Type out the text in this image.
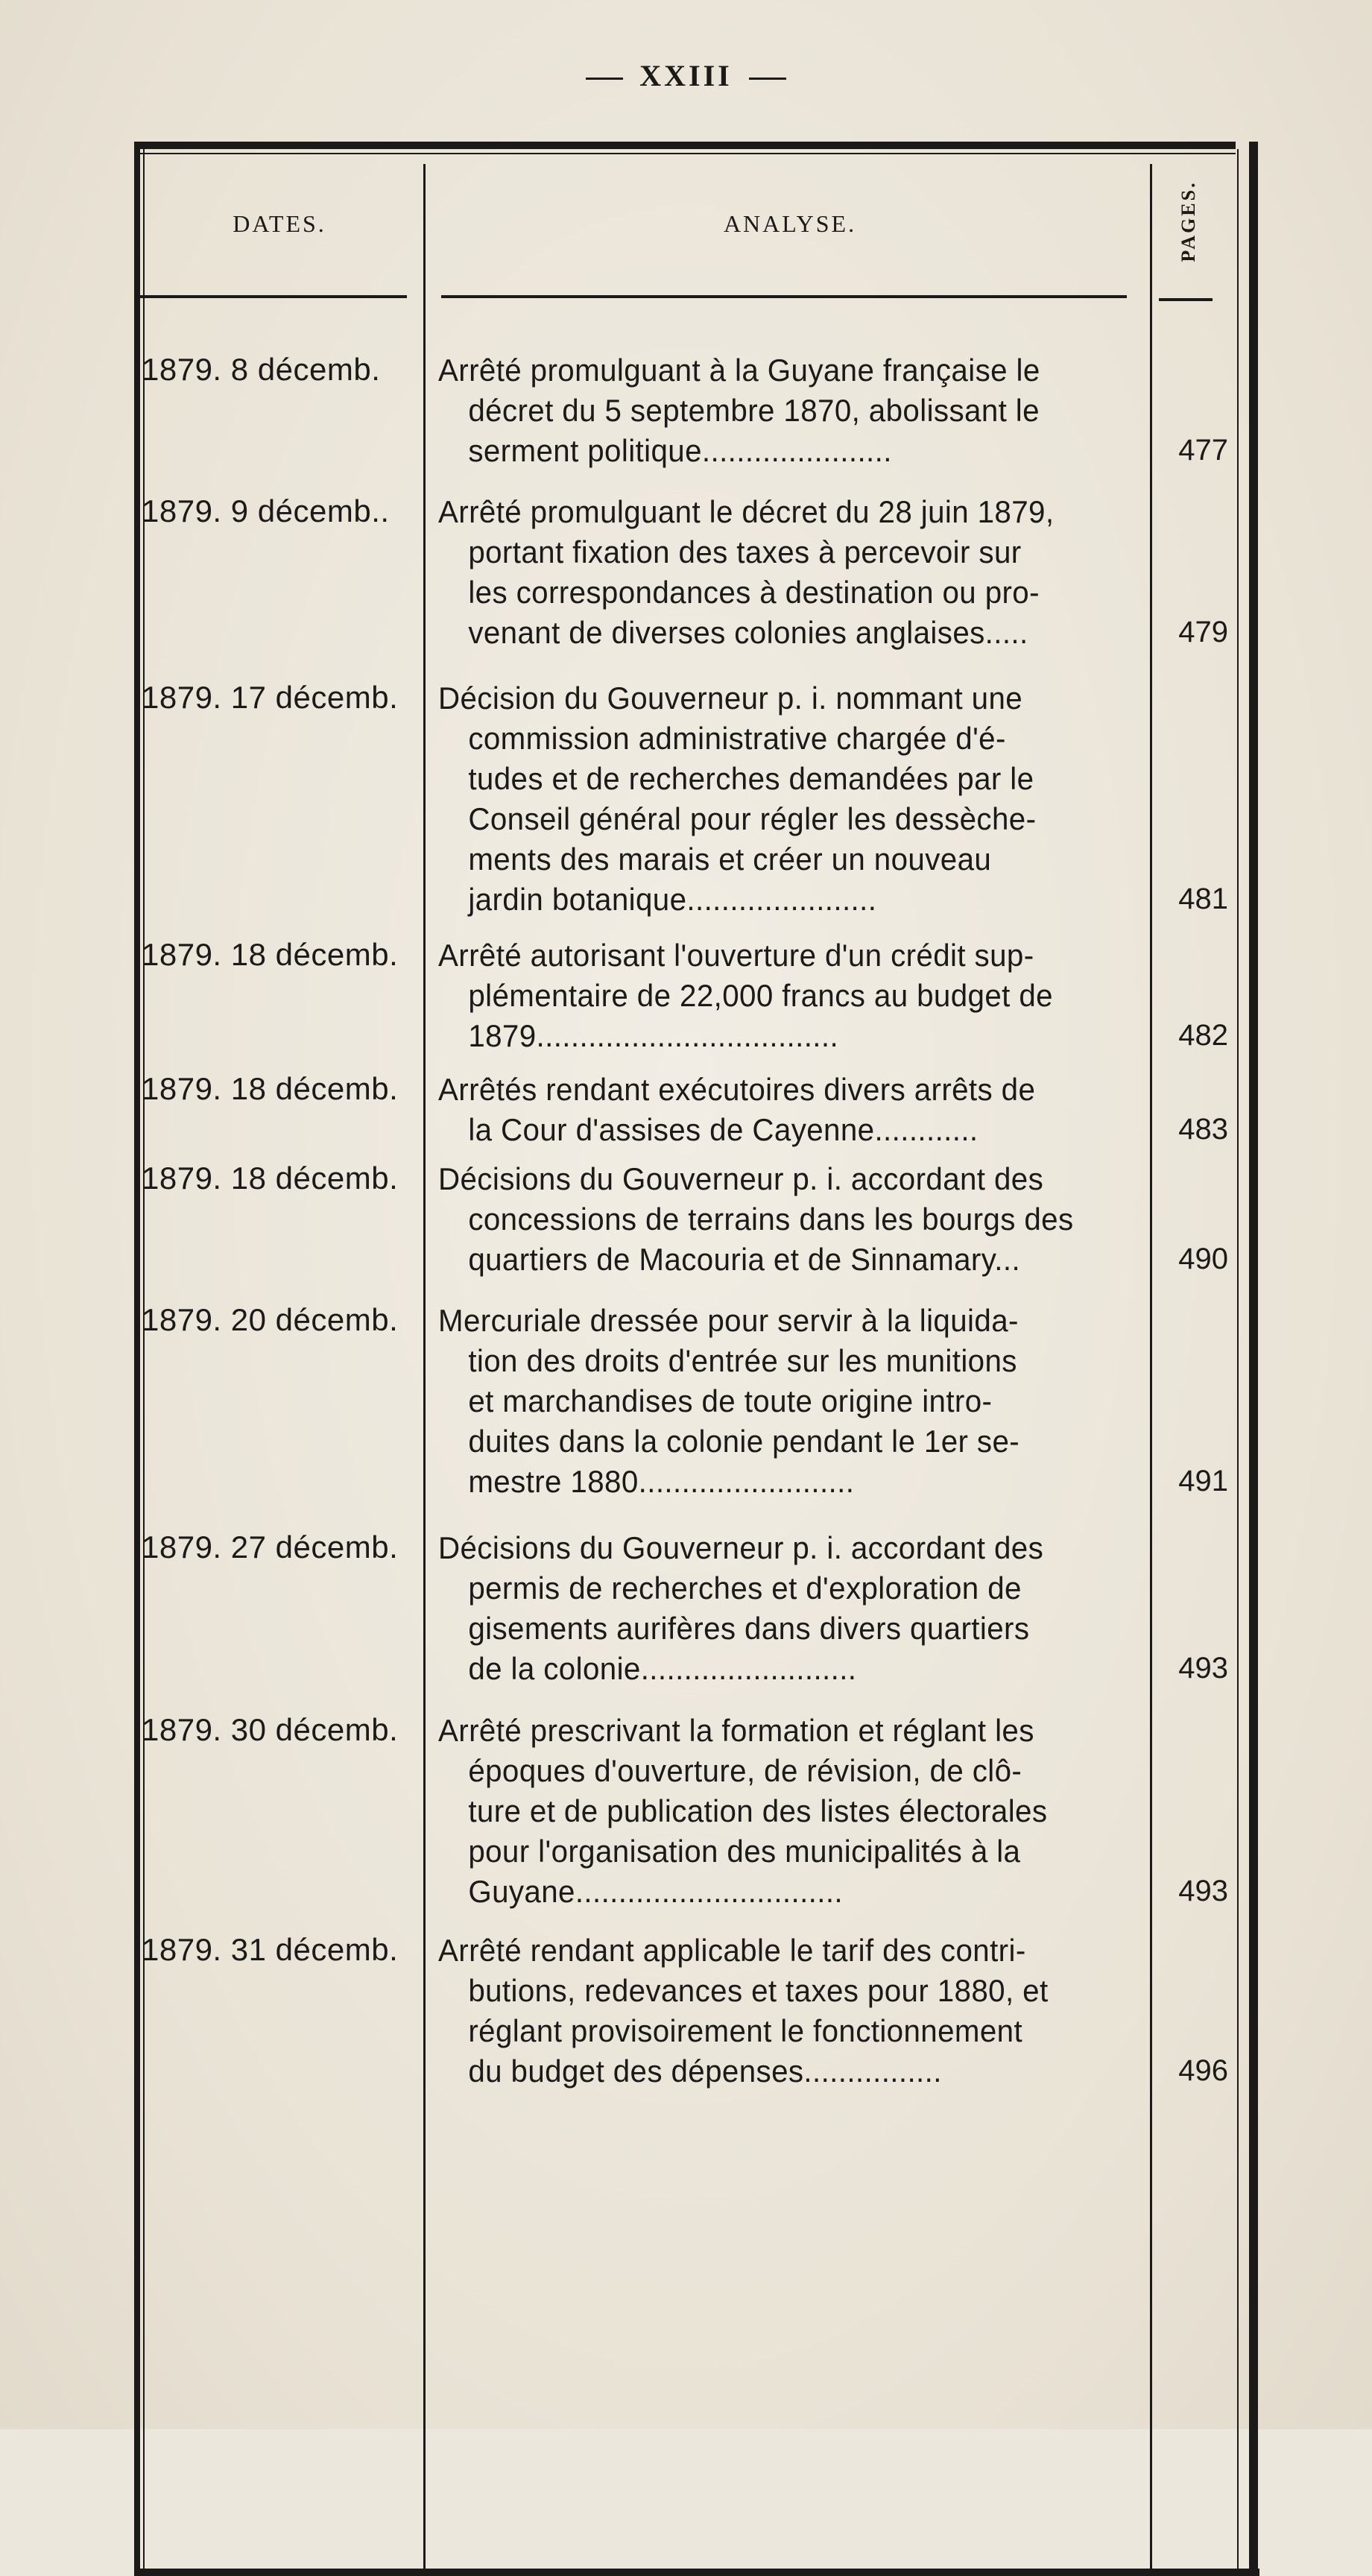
XXIII
DATES.	ANALYSE.	PAGES.
1879. 8 décemb.	Arrêté promulguant à la Guyane française le
décret du 5 septembre 1870, abolissant le
serment politique......................	477
1879. 9 décemb..	Arrêté promulguant le décret du 28 juin 1879,
portant fixation des taxes à percevoir sur
les correspondances à destination ou pro-
venant de diverses colonies anglaises.....	479
1879. 17 décemb.	Décision du Gouverneur p. i. nommant une
commission administrative chargée d'é-
tudes et de recherches demandées par le
Conseil général pour régler les dessèche-
ments des marais et créer un nouveau
jardin botanique......................	481
1879. 18 décemb.	Arrêté autorisant l'ouverture d'un crédit sup-
plémentaire de 22,000 francs au budget de
1879...................................	482
1879. 18 décemb.	Arrêtés rendant exécutoires divers arrêts de
la Cour d'assises de Cayenne............	483
1879. 18 décemb.	Décisions du Gouverneur p. i. accordant des
concessions de terrains dans les bourgs des
quartiers de Macouria et de Sinnamary...	490
1879. 20 décemb.	Mercuriale dressée pour servir à la liquida-
tion des droits d'entrée sur les munitions
et marchandises de toute origine intro-
duites dans la colonie pendant le 1er se-
mestre 1880.........................	491
1879. 27 décemb.	Décisions du Gouverneur p. i. accordant des
permis de recherches et d'exploration de
gisements aurifères dans divers quartiers
de la colonie.........................	493
1879. 30 décemb.	Arrêté prescrivant la formation et réglant les
époques d'ouverture, de révision, de clô-
ture et de publication des listes électorales
pour l'organisation des municipalités à la
Guyane...............................	493
1879. 31 décemb.	Arrêté rendant applicable le tarif des contri-
butions, redevances et taxes pour 1880, et
réglant provisoirement le fonctionnement
du budget des dépenses................	496
